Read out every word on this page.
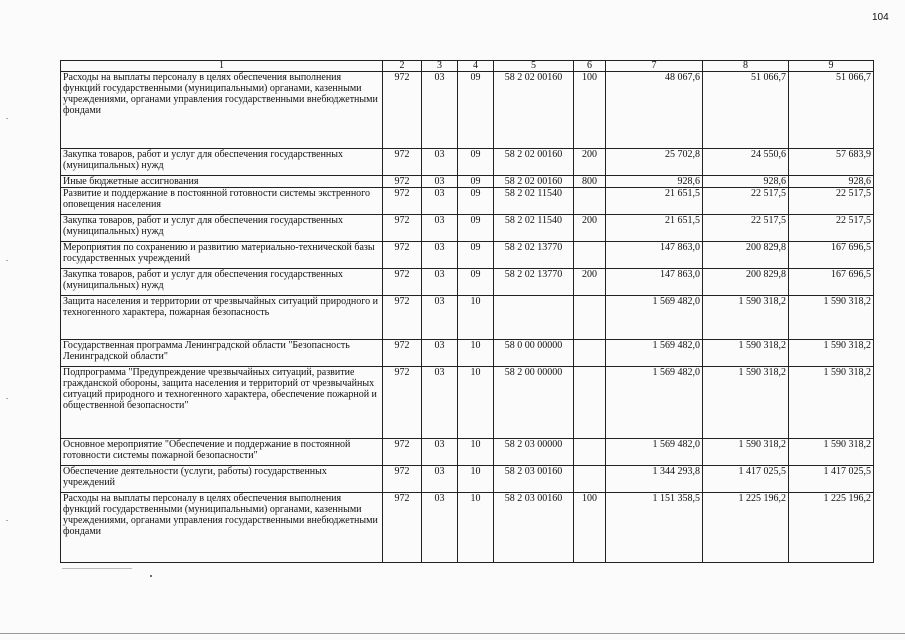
104
1	2	3	4	5	6	7	8	9
Расходы на выплаты персоналу в целях обеспечения выполнения функций государственными (муниципальными) органами, казенными учреждениями, органами управления государственными внебюджетными фондами	972	03	09	58 2 02 00160	100	48 067,6	51 066,7	51 066,7
Закупка товаров, работ и услуг для обеспечения государственных (муниципальных) нужд	972	03	09	58 2 02 00160	200	25 702,8	24 550,6	57 683,9
Иные бюджетные ассигнования	972	03	09	58 2 02 00160	800	928,6	928,6	928,6
Развитие и поддержание в постоянной готовности системы экстренного оповещения населения	972	03	09	58 2 02 11540		21 651,5	22 517,5	22 517,5
Закупка товаров, работ и услуг для обеспечения государственных (муниципальных) нужд	972	03	09	58 2 02 11540	200	21 651,5	22 517,5	22 517,5
Мероприятия по сохранению и развитию материально-технической базы государственных учреждений	972	03	09	58 2 02 13770		147 863,0	200 829,8	167 696,5
Закупка товаров, работ и услуг для обеспечения государственных (муниципальных) нужд	972	03	09	58 2 02 13770	200	147 863,0	200 829,8	167 696,5
Защита населения и территории от чрезвычайных ситуаций природного и техногенного характера, пожарная безопасность	972	03	10			1 569 482,0	1 590 318,2	1 590 318,2
Государственная программа Ленинградской области "Безопасность Ленинградской области"	972	03	10	58 0 00 00000		1 569 482,0	1 590 318,2	1 590 318,2
Подпрограмма "Предупреждение чрезвычайных ситуаций, развитие гражданской обороны, защита населения и территорий от чрезвычайных ситуаций природного и техногенного характера, обеспечение пожарной и общественной безопасности"	972	03	10	58 2 00 00000		1 569 482,0	1 590 318,2	1 590 318,2
Основное мероприятие "Обеспечение и поддержание в постоянной готовности системы пожарной безопасности"	972	03	10	58 2 03 00000		1 569 482,0	1 590 318,2	1 590 318,2
Обеспечение деятельности (услуги, работы) государственных учреждений	972	03	10	58 2 03 00160		1 344 293,8	1 417 025,5	1 417 025,5
Расходы на выплаты персоналу в целях обеспечения выполнения функций государственными (муниципальными) органами, казенными учреждениями, органами управления государственными внебюджетными фондами	972	03	10	58 2 03 00160	100	1 151 358,5	1 225 196,2	1 225 196,2
